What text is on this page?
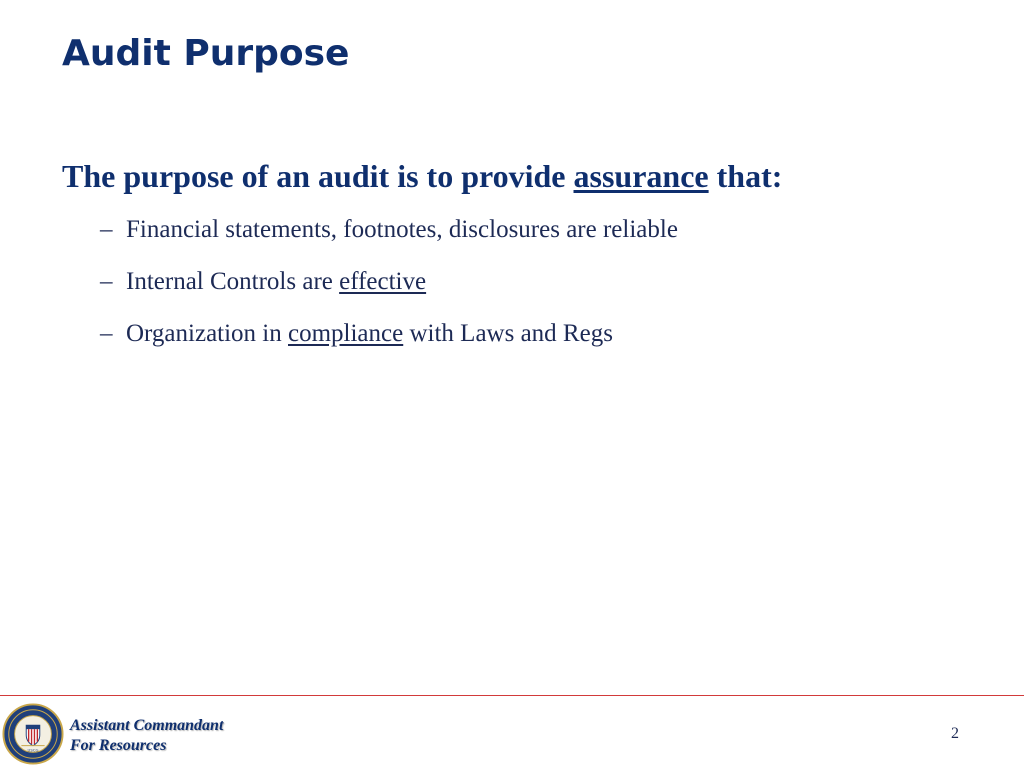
Audit Purpose

The purpose of an audit is to provide assurance that:

– Financial statements, footnotes, disclosures are reliable
– Internal Controls are effective
– Organization in compliance with Laws and Regs
USCG
Assistant Commandant
For Resources
2
